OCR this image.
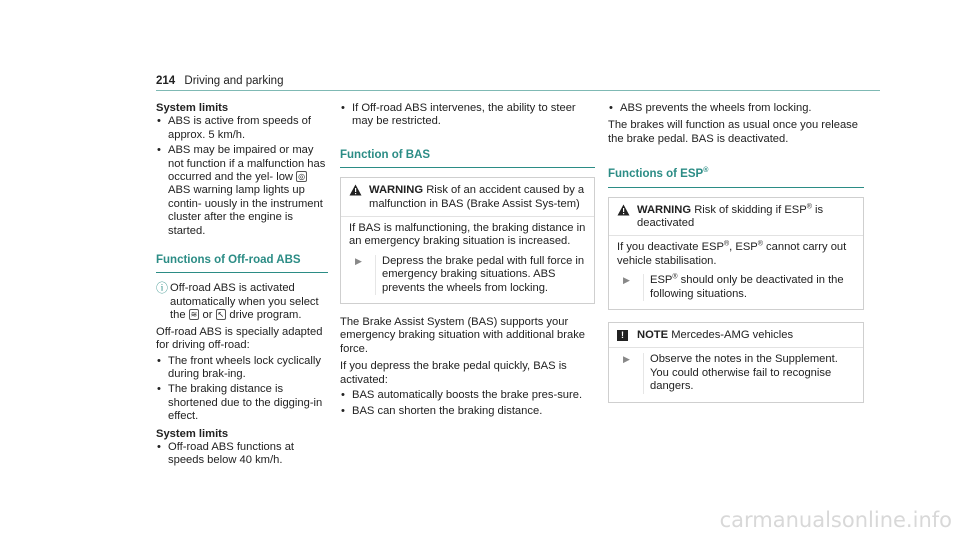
214 Driving and parking
System limits
• ABS is active from speeds of approx. 5 km/h.
• ABS may be impaired or may not function if a malfunction has occurred and the yel- low ◎ ABS warning lamp lights up contin- uously in the instrument cluster after the engine is started.
Functions of Off-road ABS
ⓘ Off-road ABS is activated automatically when you select the ≋ or ↖ drive program.
Off-road ABS is specially adapted for driving off-road:
• The front wheels lock cyclically during brak-ing.
• The braking distance is shortened due to the digging-in effect.
System limits
• Off-road ABS functions at speeds below 40 km/h.
• If Off-road ABS intervenes, the ability to steer may be restricted.
Function of BAS
WARNING Risk of an accident caused by a malfunction in BAS (Brake Assist Sys-tem)
If BAS is malfunctioning, the braking distance in an emergency braking situation is increased.
▶	Depress the brake pedal with full force in emergency braking situations. ABS prevents the wheels from locking.
The Brake Assist System (BAS) supports your emergency braking situation with additional brake force.
If you depress the brake pedal quickly, BAS is activated:
• BAS automatically boosts the brake pres-sure.
• BAS can shorten the braking distance.
• ABS prevents the wheels from locking.
The brakes will function as usual once you release the brake pedal. BAS is deactivated.
Functions of ESP®
WARNING Risk of skidding if ESP® is deactivated
If you deactivate ESP®, ESP® cannot carry out vehicle stabilisation.
▶	ESP® should only be deactivated in the following situations.
!	NOTE Mercedes-AMG vehicles
▶	Observe the notes in the Supplement. You could otherwise fail to recognise dangers.
carmanualsonline.info
